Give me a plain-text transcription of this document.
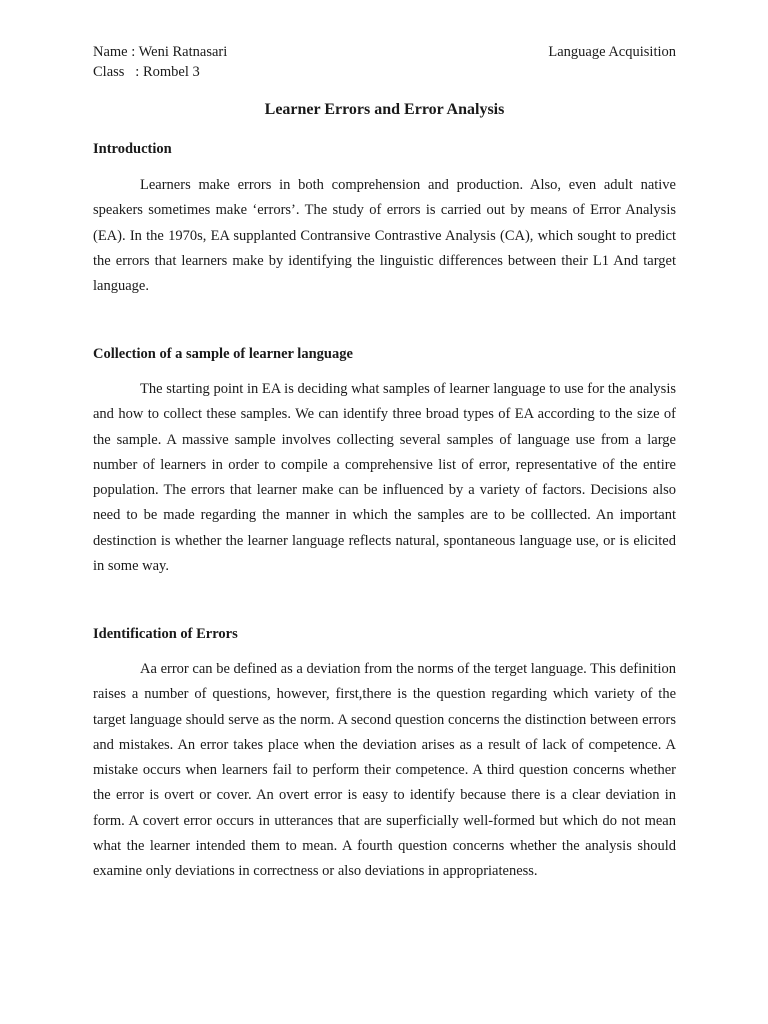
Name : Weni Ratnasari	Language Acquisition
Class   : Rombel 3
Learner Errors and Error Analysis
Introduction

Learners make errors in both comprehension and production. Also, even adult native speakers sometimes make ‘errors’. The study of errors is carried out by means of Error Analysis (EA). In the 1970s, EA supplanted Contransive Contrastive Analysis (CA), which sought to predict the errors that learners make by identifying the linguistic differences between their L1 And target language.

Collection of a sample of learner language

The starting point in EA is deciding what samples of learner language to use for the analysis and how to collect these samples. We can identify three broad types of EA according to the size of the sample. A massive sample involves collecting several samples of language use from a large number of learners in order to compile a comprehensive list of error, representative of the entire population. The errors that learner make can be influenced by a variety of factors. Decisions also need to be made regarding the manner in which the samples are to be colllected. An important destinction is whether the learner language reflects natural, spontaneous language use, or is elicited in some way.

Identification of Errors

Aa error can be defined as a deviation from the norms of the terget language. This definition raises a number of questions, however, first,there is the question regarding which variety of the target language should serve as the norm. A second question concerns the distinction between errors and mistakes. An error takes place when the deviation arises as a result of lack of competence. A mistake occurs when learners fail to perform their competence. A third question concerns whether the error is overt or cover. An overt error is easy to identify because there is a clear deviation in form. A covert error occurs in utterances that are superficially well-formed but which do not mean what the learner intended them to mean. A fourth question concerns whether the analysis should examine only deviations in correctness or also deviations in appropriateness.
